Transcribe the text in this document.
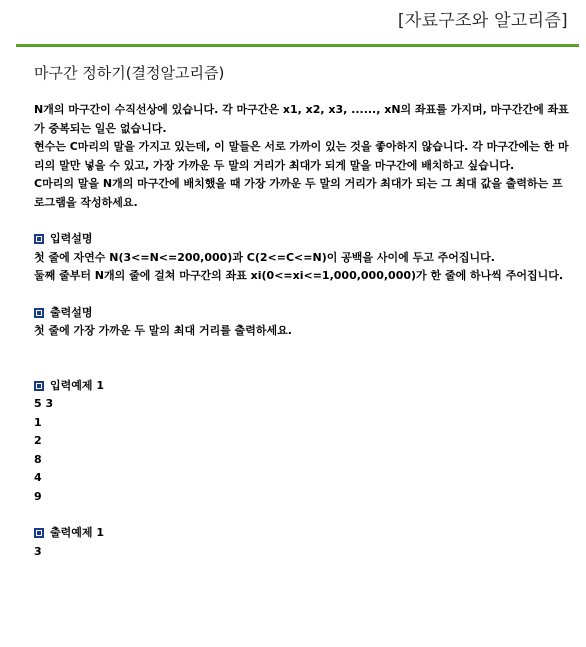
[자료구조와 알고리즘]
마구간 정하기(결정알고리즘)

N개의 마구간이 수직선상에 있습니다. 각 마구간은 x1, x2, x3, ......, xN의 좌표를 가지며, 마구간간에 좌표가 중복되는 일은 없습니다.

현수는 C마리의 말을 가지고 있는데, 이 말들은 서로 가까이 있는 것을 좋아하지 않습니다. 각 마구간에는 한 마리의 말만 넣을 수 있고, 가장 가까운 두 말의 거리가 최대가 되게 말을 마구간에 배치하고 싶습니다.

C마리의 말을 N개의 마구간에 배치했을 때 가장 가까운 두 말의 거리가 최대가 되는 그 최대 값을 출력하는 프로그램을 작성하세요.

입력설명

첫 줄에 자연수 N(3<=N<=200,000)과 C(2<=C<=N)이 공백을 사이에 두고 주어집니다.

둘째 줄부터 N개의 줄에 걸쳐 마구간의 좌표 xi(0<=xi<=1,000,000,000)가 한 줄에 하나씩 주어집니다.

출력설명

첫 줄에 가장 가까운 두 말의 최대 거리를 출력하세요.

입력예제 1
5 3
1
2
8
4
9
출력예제 1
3
